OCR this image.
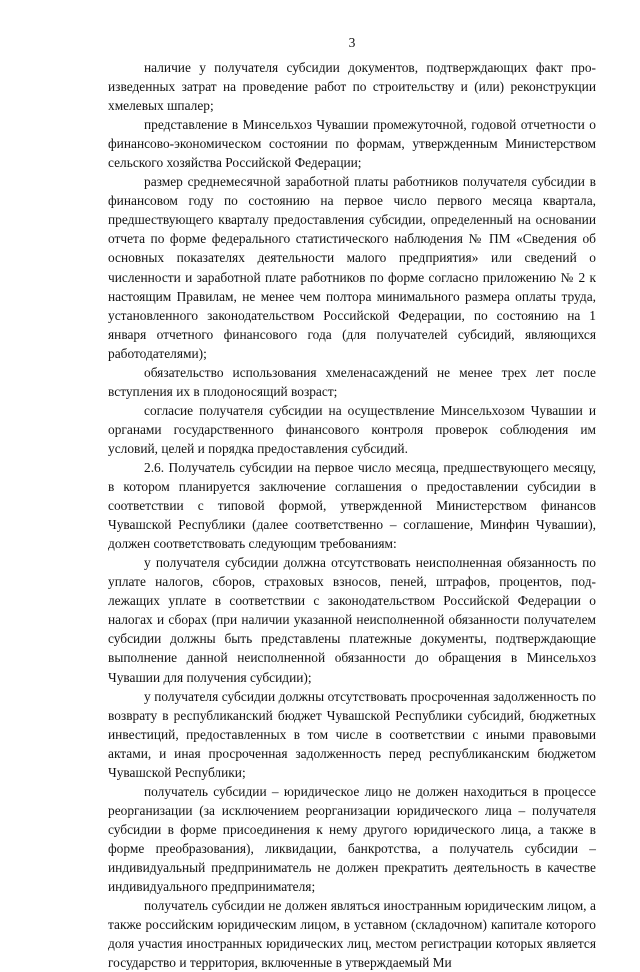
3

наличие у получателя субсидии документов, подтверждающих факт произведенных затрат на проведение работ по строительству и (или) реконструкции хмелевых шпалер;

представление в Минсельхоз Чувашии промежуточной, годовой отчетности о финансово-экономическом состоянии по формам, утвержденным Министерством сельского хозяйства Российской Федерации;

размер среднемесячной заработной платы работников получателя субсидии в финансовом году по состоянию на первое число первого месяца квартала, предшествующего кварталу предоставления субсидии, определенный на основании отчета по форме федерального статистического наблюдения № ПМ «Сведения об основных показателях деятельности малого предприятия» или сведений о численности и заработной плате работников по форме согласно приложению № 2 к настоящим Правилам, не менее чем полтора минимального размера оплаты труда, установленного законодательством Российской Федерации, по состоянию на 1 января отчетного финансового года (для получателей субсидий, являющихся работодателями);

обязательство использования хмеленасаждений не менее трех лет после вступления их в плодоносящий возраст;

согласие получателя субсидии на осуществление Минсельхозом Чувашии и органами государственного финансового контроля проверок соблюдения им условий, целей и порядка предоставления субсидий.

2.6. Получатель субсидии на первое число месяца, предшествующего месяцу, в котором планируется заключение соглашения о предоставлении субсидии в соответствии с типовой формой, утвержденной Министерством финансов Чувашской Республики (далее соответственно – соглашение, Минфин Чувашии), должен соответствовать следующим требованиям:

у получателя субсидии должна отсутствовать неисполненная обязанность по уплате налогов, сборов, страховых взносов, пеней, штрафов, процентов, подлежащих уплате в соответствии с законодательством Российской Федерации о налогах и сборах (при наличии указанной неисполненной обязанности получателем субсидии должны быть представлены платежные документы, подтверждающие выполнение данной неисполненной обязанности до обращения в Минсельхоз Чувашии для получения субсидии);

у получателя субсидии должны отсутствовать просроченная задолженность по возврату в республиканский бюджет Чувашской Республики субсидий, бюджетных инвестиций, предоставленных в том числе в соответствии с иными правовыми актами, и иная просроченная задолженность перед республиканским бюджетом Чувашской Республики;

получатель субсидии – юридическое лицо не должен находиться в процессе реорганизации (за исключением реорганизации юридического лица – получателя субсидии в форме присоединения к нему другого юридического лица, а также в форме преобразования), ликвидации, банкротства, а получатель субсидии – индивидуальный предприниматель не должен прекратить деятельность в качестве индивидуального предпринимателя;

получатель субсидии не должен являться иностранным юридическим лицом, а также российским юридическим лицом, в уставном (складочном) капитале которого доля участия иностранных юридических лиц, местом регистрации которых является государство и территория, включенные в утверждаемый Ми
